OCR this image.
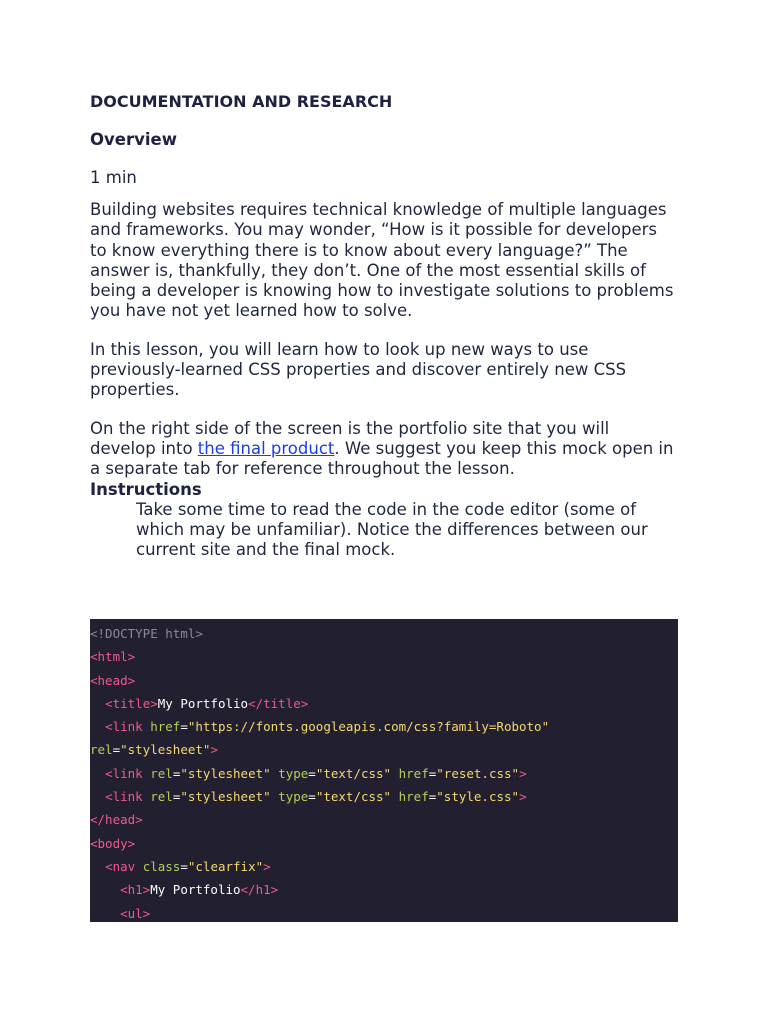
DOCUMENTATION AND RESEARCH
Overview

1 min

Building websites requires technical knowledge of multiple languages and frameworks. You may wonder, “How is it possible for developers to know everything there is to know about every language?” The answer is, thankfully, they don’t. One of the most essential skills of being a developer is knowing how to investigate solutions to problems you have not yet learned how to solve.

In this lesson, you will learn how to look up new ways to use previously-learned CSS properties and discover entirely new CSS properties.

On the right side of the screen is the portfolio site that you will develop into the final product. We suggest you keep this mock open in a separate tab for reference throughout the lesson.

Instructions

Take some time to read the code in the code editor (some of which may be unfamiliar). Notice the differences between our current site and the final mock.

<!DOCTYPE html>
<html>
<head>
<title>My Portfolio</title>
<link href="https://fonts.googleapis.com/css?family=Roboto"
rel="stylesheet">
<link rel="stylesheet" type="text/css" href="reset.css">
<link rel="stylesheet" type="text/css" href="style.css">
</head>
<body>
<nav class="clearfix">
<h1>My Portfolio</h1>
<ul>
